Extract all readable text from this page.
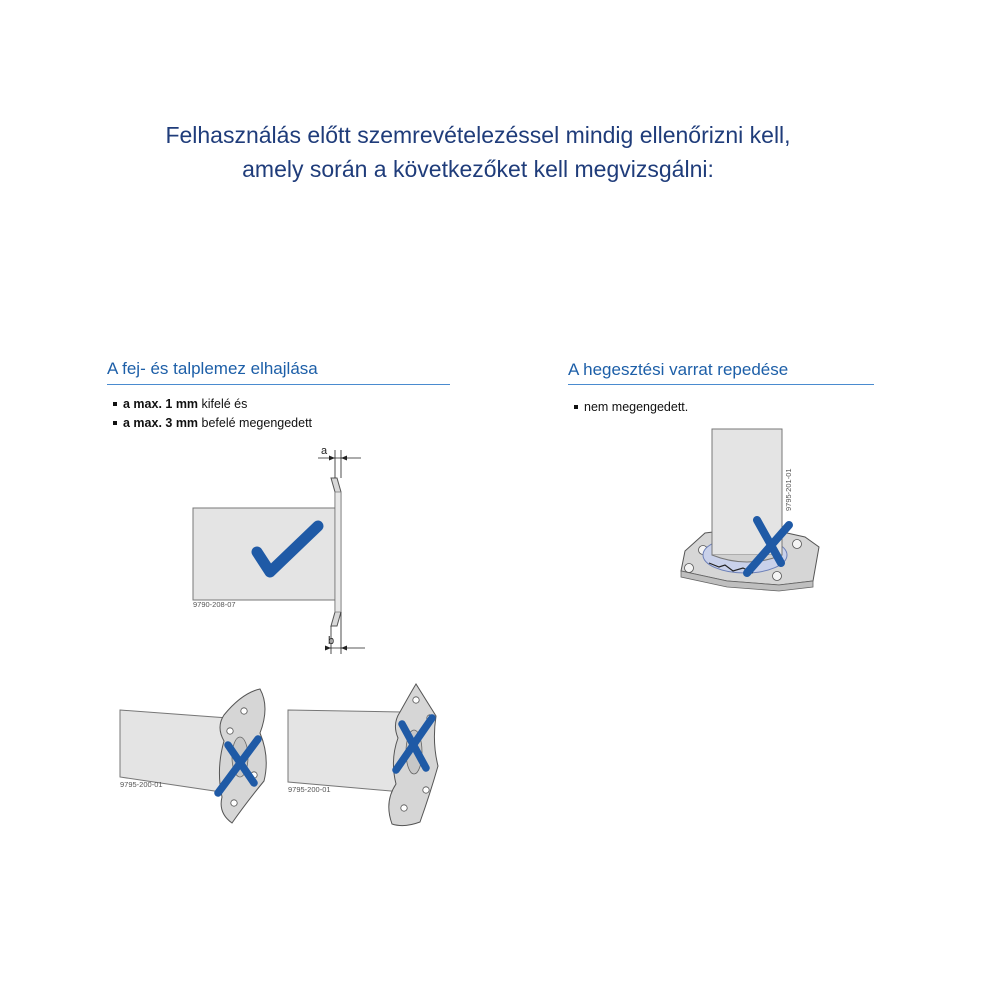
Felhasználás előtt szemrevételezéssel mindig ellenőrizni kell,
amely során a következőket kell megvizsgálni:
A fej- és talplemez elhajlása
a max. 1 mm kifelé és
a max. 3 mm befelé megengedett
a
b
9790-208-07
9795-200-01
9795-200-01
A hegesztési varrat repedése
nem megengedett.
9795-201-01
